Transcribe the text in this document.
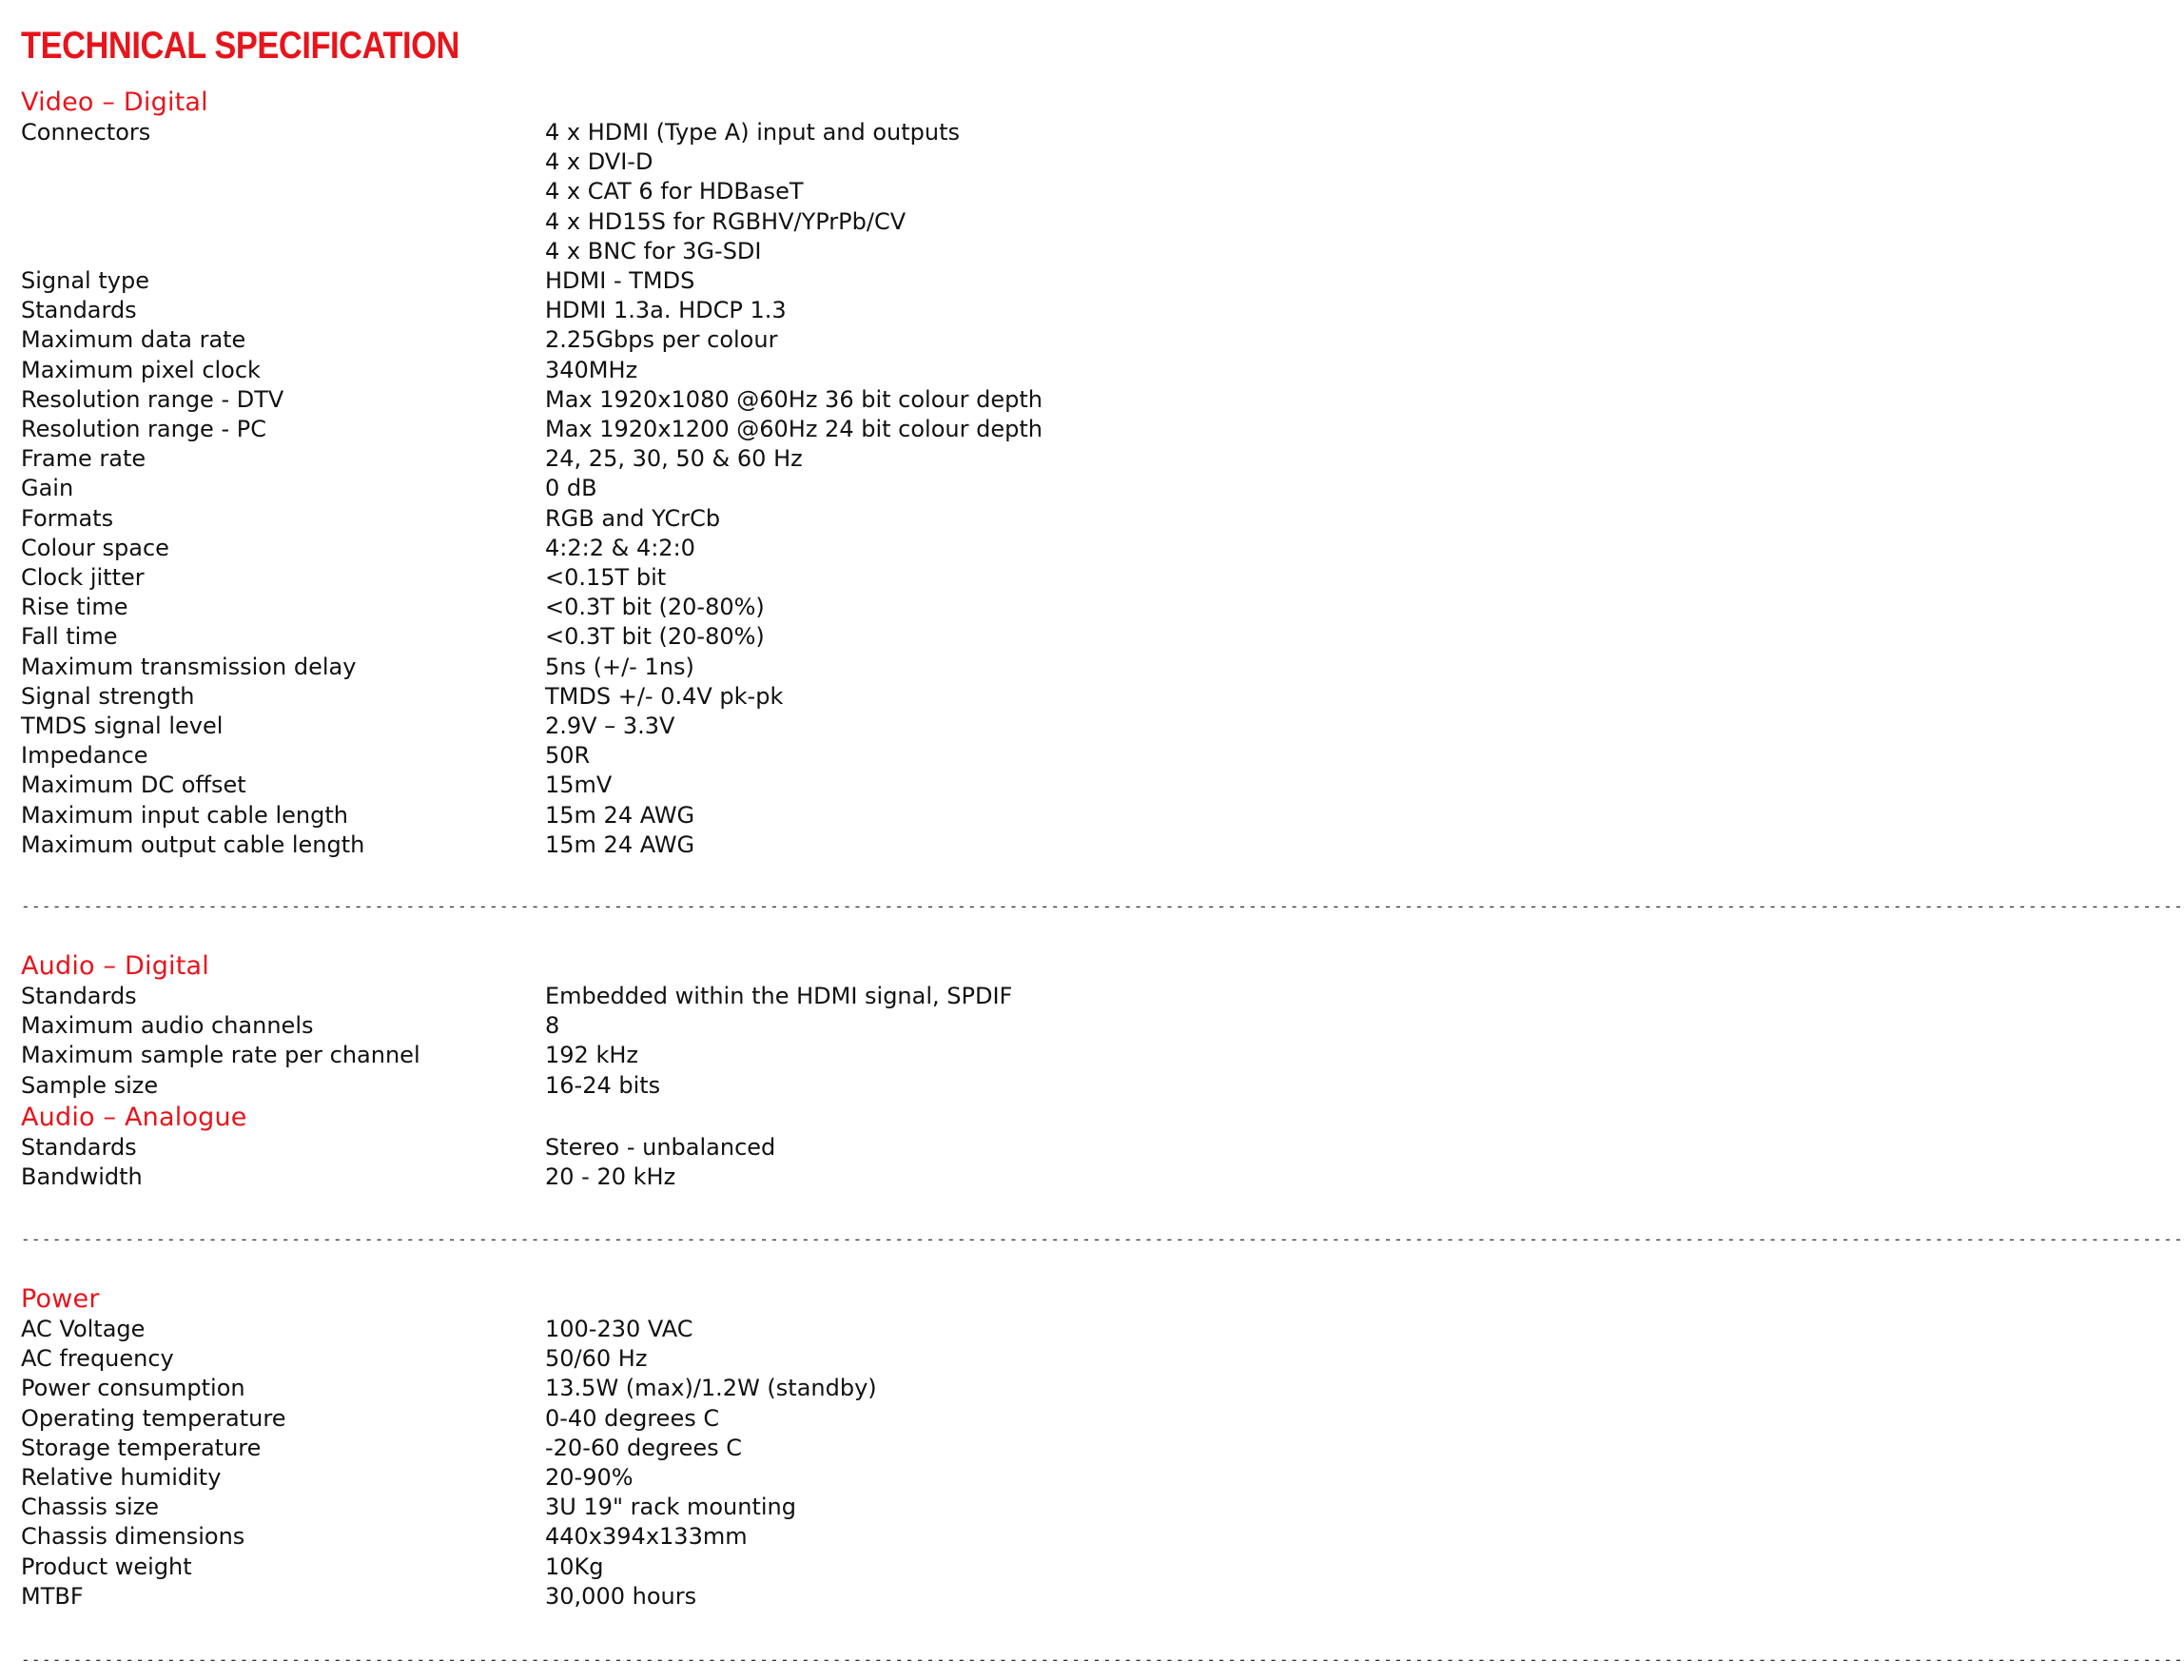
TECHNICAL SPECIFICATION
Video – Digital
Connectors	4 x HDMI (Type A) input and outputs
4 x DVI-D
4 x CAT 6 for HDBaseT
4 x HD15S for RGBHV/YPrPb/CV
4 x BNC for 3G-SDI
Signal type	HDMI - TMDS
Standards	HDMI 1.3a. HDCP 1.3
Maximum data rate	2.25Gbps per colour
Maximum pixel clock	340MHz
Resolution range - DTV	Max 1920x1080 @60Hz 36 bit colour depth
Resolution range - PC	Max 1920x1200 @60Hz 24 bit colour depth
Frame rate	24, 25, 30, 50 & 60 Hz
Gain	0 dB
Formats	RGB and YCrCb
Colour space	4:2:2 & 4:2:0
Clock jitter	<0.15T bit
Rise time	<0.3T bit (20-80%)
Fall time	<0.3T bit (20-80%)
Maximum transmission delay	5ns (+/- 1ns)
Signal strength	TMDS +/- 0.4V pk-pk
TMDS signal level	2.9V – 3.3V
Impedance	50R
Maximum DC offset	15mV
Maximum input cable length	15m 24 AWG
Maximum output cable length	15m 24 AWG
----------------------------------------------------------------------------------------------------------------------------------------------------------------------------------------------------------------
Audio – Digital
Standards	Embedded within the HDMI signal, SPDIF
Maximum audio channels	8
Maximum sample rate per channel	192 kHz
Sample size	16-24 bits
Audio – Analogue
Standards	Stereo - unbalanced
Bandwidth	20 - 20 kHz
----------------------------------------------------------------------------------------------------------------------------------------------------------------------------------------------------------------
Power
AC Voltage	100-230 VAC
AC frequency	50/60 Hz
Power consumption	13.5W (max)/1.2W (standby)
Operating temperature	0-40 degrees C
Storage temperature	-20-60 degrees C
Relative humidity	20-90%
Chassis size	3U 19" rack mounting
Chassis dimensions	440x394x133mm
Product weight	10Kg
MTBF	30,000 hours
----------------------------------------------------------------------------------------------------------------------------------------------------------------------------------------------------------------
